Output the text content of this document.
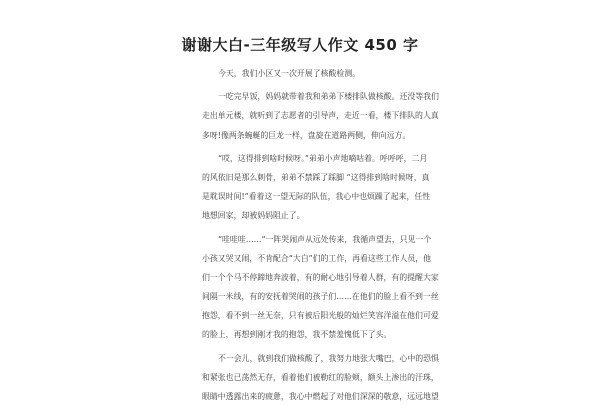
谢谢大白-三年级写人作文 450 字
今天，我们小区又一次开展了核酸检测。
一吃完早饭，妈妈就带着我和弟弟下楼排队做核酸。还没等我们
走出单元楼，就听到了志愿者的引导声，走近一看，楼下排队的人真
多呀!像两条蜿蜒的巨龙一样，盘旋在道路两侧，伸向远方。
“哎，这得排到啥时候呀。”弟弟小声地嘀咕着。呼呼呼，二月
的风依旧是那么刺骨，弟弟不禁踩了踩脚 “这得排到啥时候呀，真
是耽误时间!”看着这一望无际的队伍，我心中也烦躁了起来，任性
地想回家，却被妈妈阻止了。
“哇哇哇……”一阵哭闹声从远处传来，我循声望去，只见一个
小孩又哭又闹，不肯配合“大白”们的工作，再看这些工作人员，他
们一个个马不停蹄地奔波着，有的耐心地引导着人群，有的提醒大家
间隔一米线，有的安抚着哭闹的孩子们……在他们的脸上看不到一丝
抱怨，看不到一丝无奈，只有被后阳光般的灿烂笑容洋溢在他们可爱
的脸上，再想到刚才我的抱怨，我不禁羞愧低下了头。
不一会儿，就到我们做核酸了，我努力地张大嘴巴，心中的恐惧
和紧张也已荡然无存，看着他们被勒红的脸颊，额头上渗出的汗珠，
眼睛中透露出来的疲惫，我心中燃起了对他们深深的敬意，远远地望
